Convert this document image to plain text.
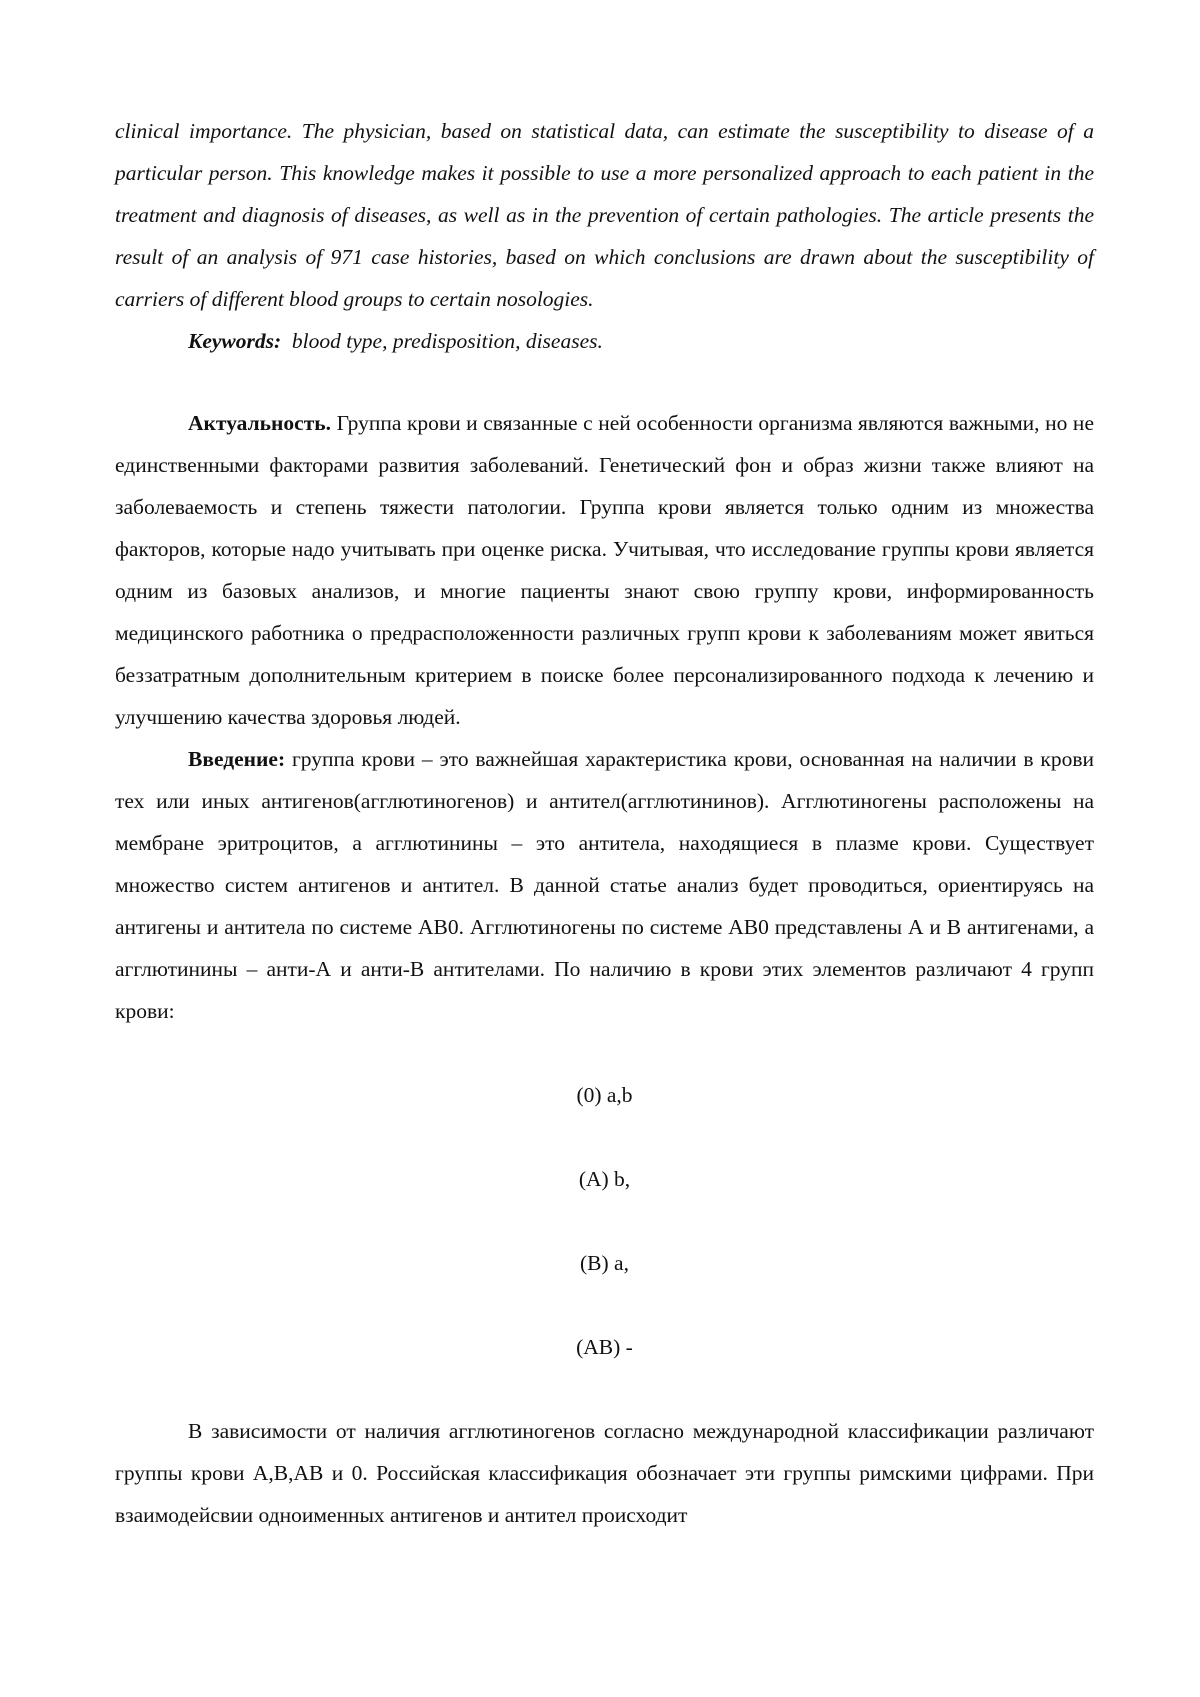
clinical importance. The physician, based on statistical data, can estimate the susceptibility to disease of a particular person. This knowledge makes it possible to use a more personalized approach to each patient in the treatment and diagnosis of diseases, as well as in the prevention of certain pathologies. The article presents the result of an analysis of 971 case histories, based on which conclusions are drawn about the susceptibility of carriers of different blood groups to certain nosologies.

Keywords:  blood type, predisposition, diseases.

Актуальность. Группа крови и связанные с ней особенности организма являются важными, но не единственными факторами развития заболеваний. Генетический фон и образ жизни также влияют на заболеваемость и степень тяжести патологии. Группа крови является только одним из множества факторов, которые надо учитывать при оценке риска. Учитывая, что исследование группы крови является одним из базовых анализов, и многие пациенты знают свою группу крови, информированность медицинского работника о предрасположенности различных групп крови к заболеваниям может явиться беззатратным дополнительным критерием в поиске более персонализированного подхода к лечению и улучшению качества здоровья людей.

Введение: группа крови – это важнейшая характеристика крови, основанная на наличии в крови тех или иных антигенов(агглютиногенов) и антител(агглютининов). Агглютиногены расположены на мембране эритроцитов, а агглютинины – это антитела, находящиеся в плазме крови. Существует множество систем антигенов и антител. В данной статье анализ будет проводиться, ориентируясь на антигены и антитела по системе АВ0. Агглютиногены по системе АВ0 представлены А и В антигенами, а агглютинины – анти-А и анти-В антителами. По наличию в крови этих элементов различают 4 групп крови:

(0) a,b
(A) b,
(B) a,
(AB) -

В зависимости от наличия агглютиногенов согласно международной классификации различают группы крови A,B,AB и 0. Российская классификация обозначает эти группы римскими цифрами. При взаимодейсвии одноименных антигенов и антител происходит
